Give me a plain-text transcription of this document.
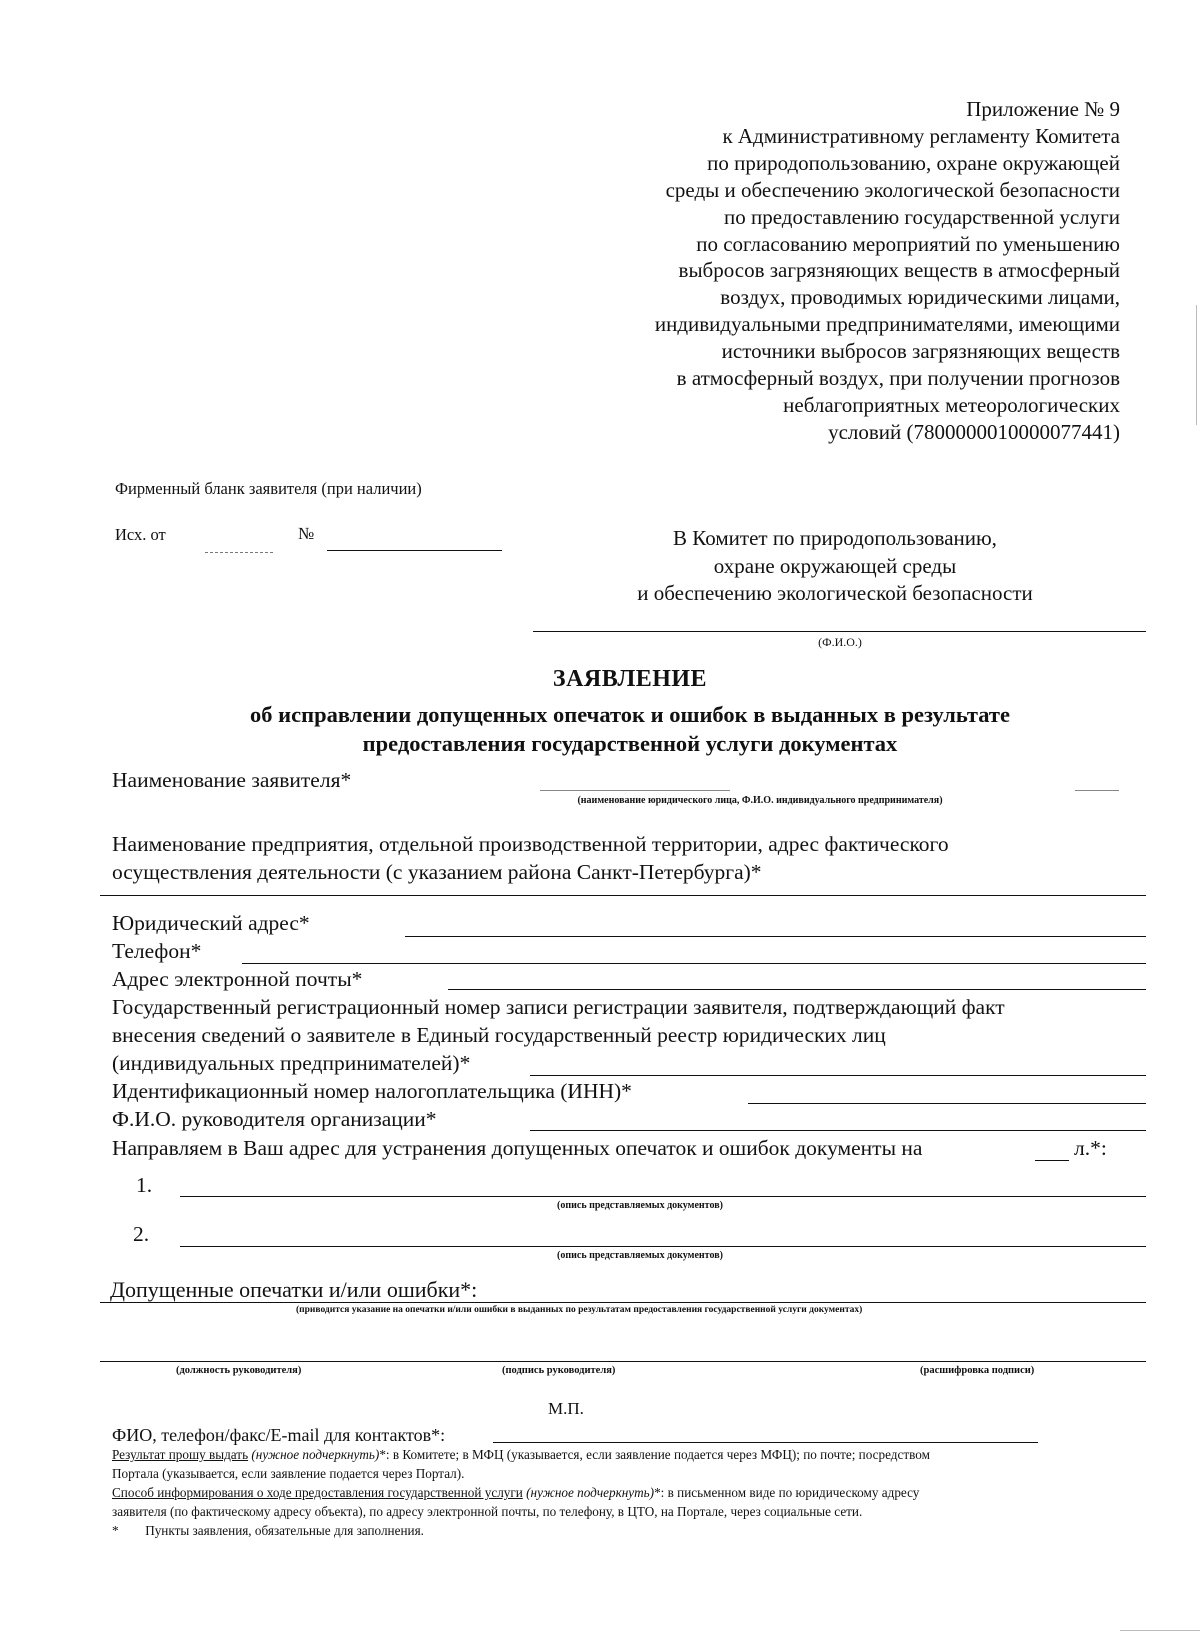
Приложение № 9
к Административному регламенту Комитета
по природопользованию, охране окружающей
среды и обеспечению экологической безопасности
по предоставлению государственной услуги
по согласованию мероприятий по уменьшению
выбросов загрязняющих веществ в атмосферный
воздух, проводимых юридическими лицами,
индивидуальными предпринимателями, имеющими
источники выбросов загрязняющих веществ
в атмосферный воздух, при получении прогнозов
неблагоприятных метеорологических
условий (7800000010000077441)
Фирменный бланк заявителя (при наличии)
Исх. от	№	В Комитет по природопользованию,
охране окружающей среды
и обеспечению экологической безопасности
(Ф.И.О.)
ЗАЯВЛЕНИЕ
об исправлении допущенных опечаток и ошибок в выданных в результате
предоставления государственной услуги документах
Наименование заявителя*
(наименование юридического лица, Ф.И.О. индивидуального предпринимателя)
Наименование предприятия, отдельной производственной территории, адрес фактического
осуществления деятельности (с указанием района Санкт-Петербурга)*
Юридический адрес*
Телефон*
Адрес электронной почты*
Государственный регистрационный номер записи регистрации заявителя, подтверждающий факт
внесения сведений о заявителе в Единый государственный реестр юридических лиц
(индивидуальных предпринимателей)*
Идентификационный номер налогоплательщика (ИНН)*
Ф.И.О. руководителя организации*
Направляем в Ваш адрес для устранения допущенных опечаток и ошибок документы на	л.*:
1.
(опись представляемых документов)
2.
(опись представляемых документов)
Допущенные опечатки и/или ошибки*:
(приводится указание на опечатки и/или ошибки в выданных по результатам предоставления государственной услуги документах)
(должность руководителя)	(подпись руководителя)	(расшифровка подписи)
М.П.
ФИО, телефон/факс/E-mail для контактов*:
Результат прошу выдать (нужное подчеркнуть)*: в Комитете; в МФЦ (указывается, если заявление подается через МФЦ); по почте; посредством
Портала (указывается, если заявление подается через Портал).
Способ информирования о ходе предоставления государственной услуги (нужное подчеркнуть)*: в письменном виде по юридическому адресу
заявителя (по фактическому адресу объекта), по адресу электронной почты, по телефону, в ЦТО, на Портале, через социальные сети.
* Пункты заявления, обязательные для заполнения.
